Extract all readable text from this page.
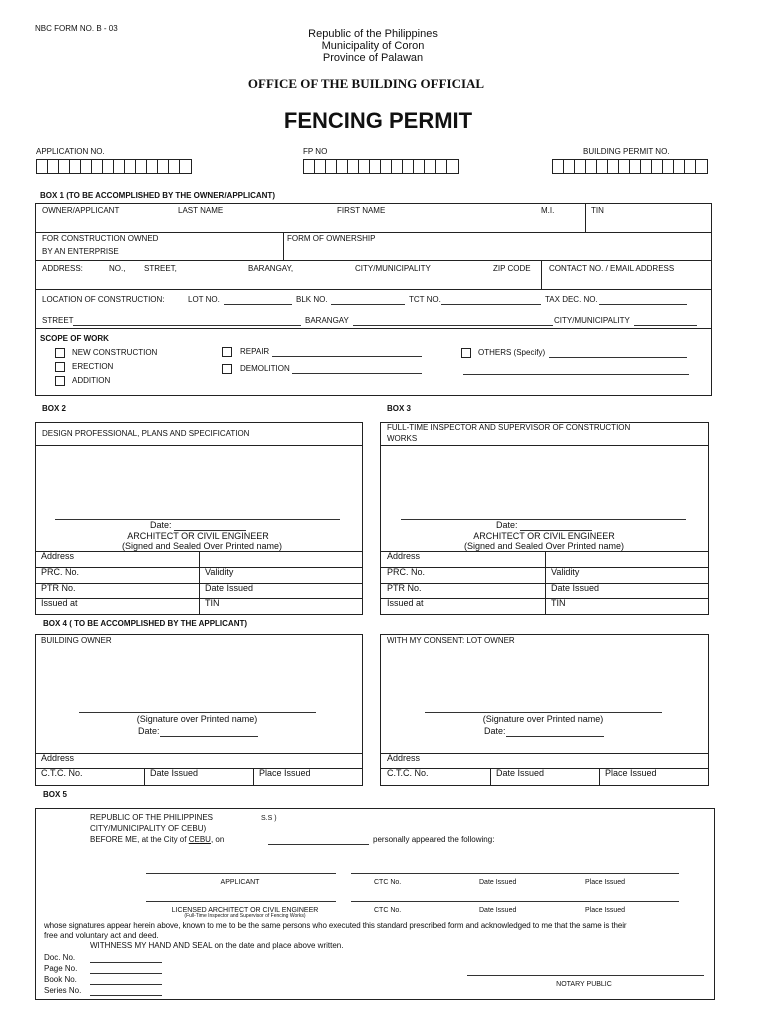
NBC FORM NO. B - 03	Republic of the Philippines
Municipality of Coron
Province of Palawan
OFFICE OF THE BUILDING OFFICIAL
FENCING PERMIT
APPLICATION NO.	FP NO	BUILDING PERMIT NO.
BOX 1 (TO BE ACCOMPLISHED BY THE OWNER/APPLICANT)
OWNER/APPLICANT	LAST NAME	FIRST NAME	M.I.	TIN
FOR CONSTRUCTION OWNED
BY AN ENTERPRISE
FORM OF OWNERSHIP
ADDRESS:	NO., STREET,	BARANGAY,	CITY/MUNICIPALITY	ZIP CODE CONTACT NO. / EMAIL ADDRESS
LOCATION OF CONSTRUCTION:	LOT NO.	BLK NO.	TCT NO.	TAX DEC. NO.
STREET	BARANGAY	CITY/MUNICIPALITY
SCOPE OF WORK
NEW CONSTRUCTION
ERECTION
ADDITION
REPAIR
DEMOLITION
OTHERS (Specify)
BOX 2
DESIGN PROFESSIONAL, PLANS AND SPECIFICATION
Date:
ARCHITECT OR CIVIL ENGINEER
(Signed and Sealed Over Printed name)
Address
PRC. No.	Validity
PTR No.	Date Issued
Issued at	TIN
BOX 3
FULL-TIME INSPECTOR AND SUPERVISOR OF CONSTRUCTION
WORKS
Date:
ARCHITECT OR CIVIL ENGINEER
(Signed and Sealed Over Printed name)
Address
PRC. No.	Validity
PTR No.	Date Issued
Issued at	TIN
BOX 4 ( TO BE ACCOMPLISHED BY THE APPLICANT)
BUILDING OWNER
(Signature over Printed name)
Date:
Address
C.T.C. No.	Date Issued	Place Issued
WITH MY CONSENT: LOT OWNER
(Signature over Printed name)
Date:
Address
C.T.C. No.	Date Issued	Place Issued
BOX 5
REPUBLIC OF THE PHILIPPINES	S.S )
CITY/MUNICIPALITY OF CEBU)
BEFORE ME, at the City of CEBU, on	personally appeared the following:
APPLICANT	CTC No.	Date Issued	Place Issued
LICENSED ARCHITECT OR CIVIL ENGINEER
(Full-Time Inspector and Supervisor of Fencing Works)
CTC No.	Date Issued	Place Issued
whose signatures appear herein above, known to me to be the same persons who executed this standard prescribed form and acknowledged to me that the same is their
free and voluntary act and deed.
WITHNESS MY HAND AND SEAL on the date and place above written.
Doc. No.
Page No.
Book No.
Series No.
NOTARY PUBLIC
